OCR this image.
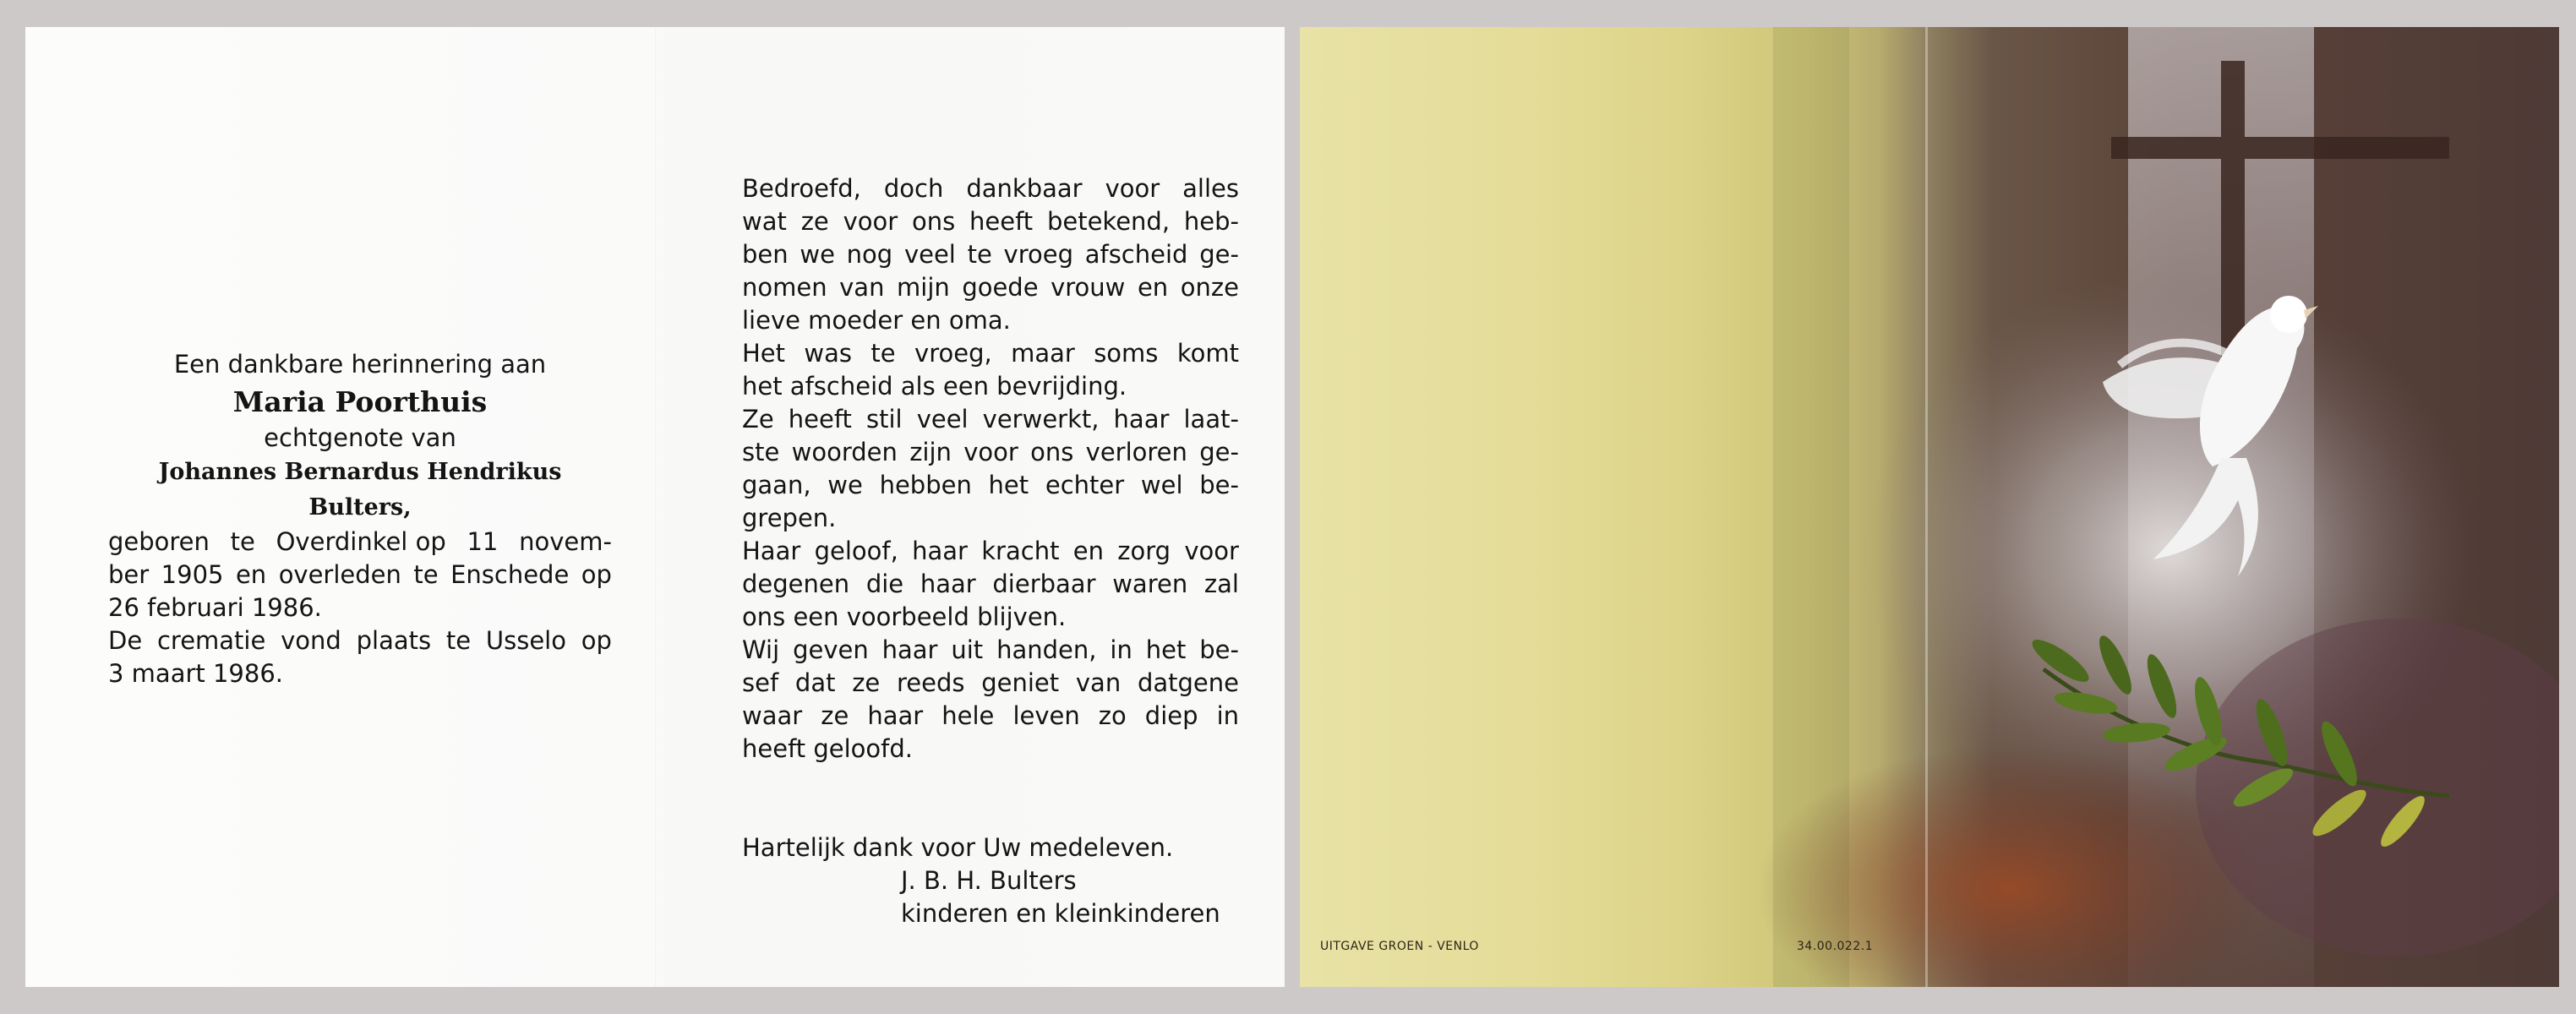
Een dankbare herinnering aan
Maria Poorthuis
echtgenote van
Johannes Bernardus Hendrikus Bulters,
geboren te Overdinkel op 11 novem-
ber 1905 en overleden te Enschede op
26 februari 1986.
De crematie vond plaats te Usselo op
3 maart 1986.
Bedroefd, doch dankbaar voor alles
wat ze voor ons heeft betekend, heb-
ben we nog veel te vroeg afscheid ge-
nomen van mijn goede vrouw en onze
lieve moeder en oma.
Het was te vroeg, maar soms komt
het afscheid als een bevrijding.
Ze heeft stil veel verwerkt, haar laat-
ste woorden zijn voor ons verloren ge-
gaan, we hebben het echter wel be-
grepen.
Haar geloof, haar kracht en zorg voor
degenen die haar dierbaar waren zal
ons een voorbeeld blijven.
Wij geven haar uit handen, in het be-
sef dat ze reeds geniet van datgene
waar ze haar hele leven zo diep in
heeft geloofd.
Hartelijk dank voor Uw medeleven.
J. B. H. Bulters
kinderen en kleinkinderen
UITGAVE GROEN - VENLO	34.00.022.1
